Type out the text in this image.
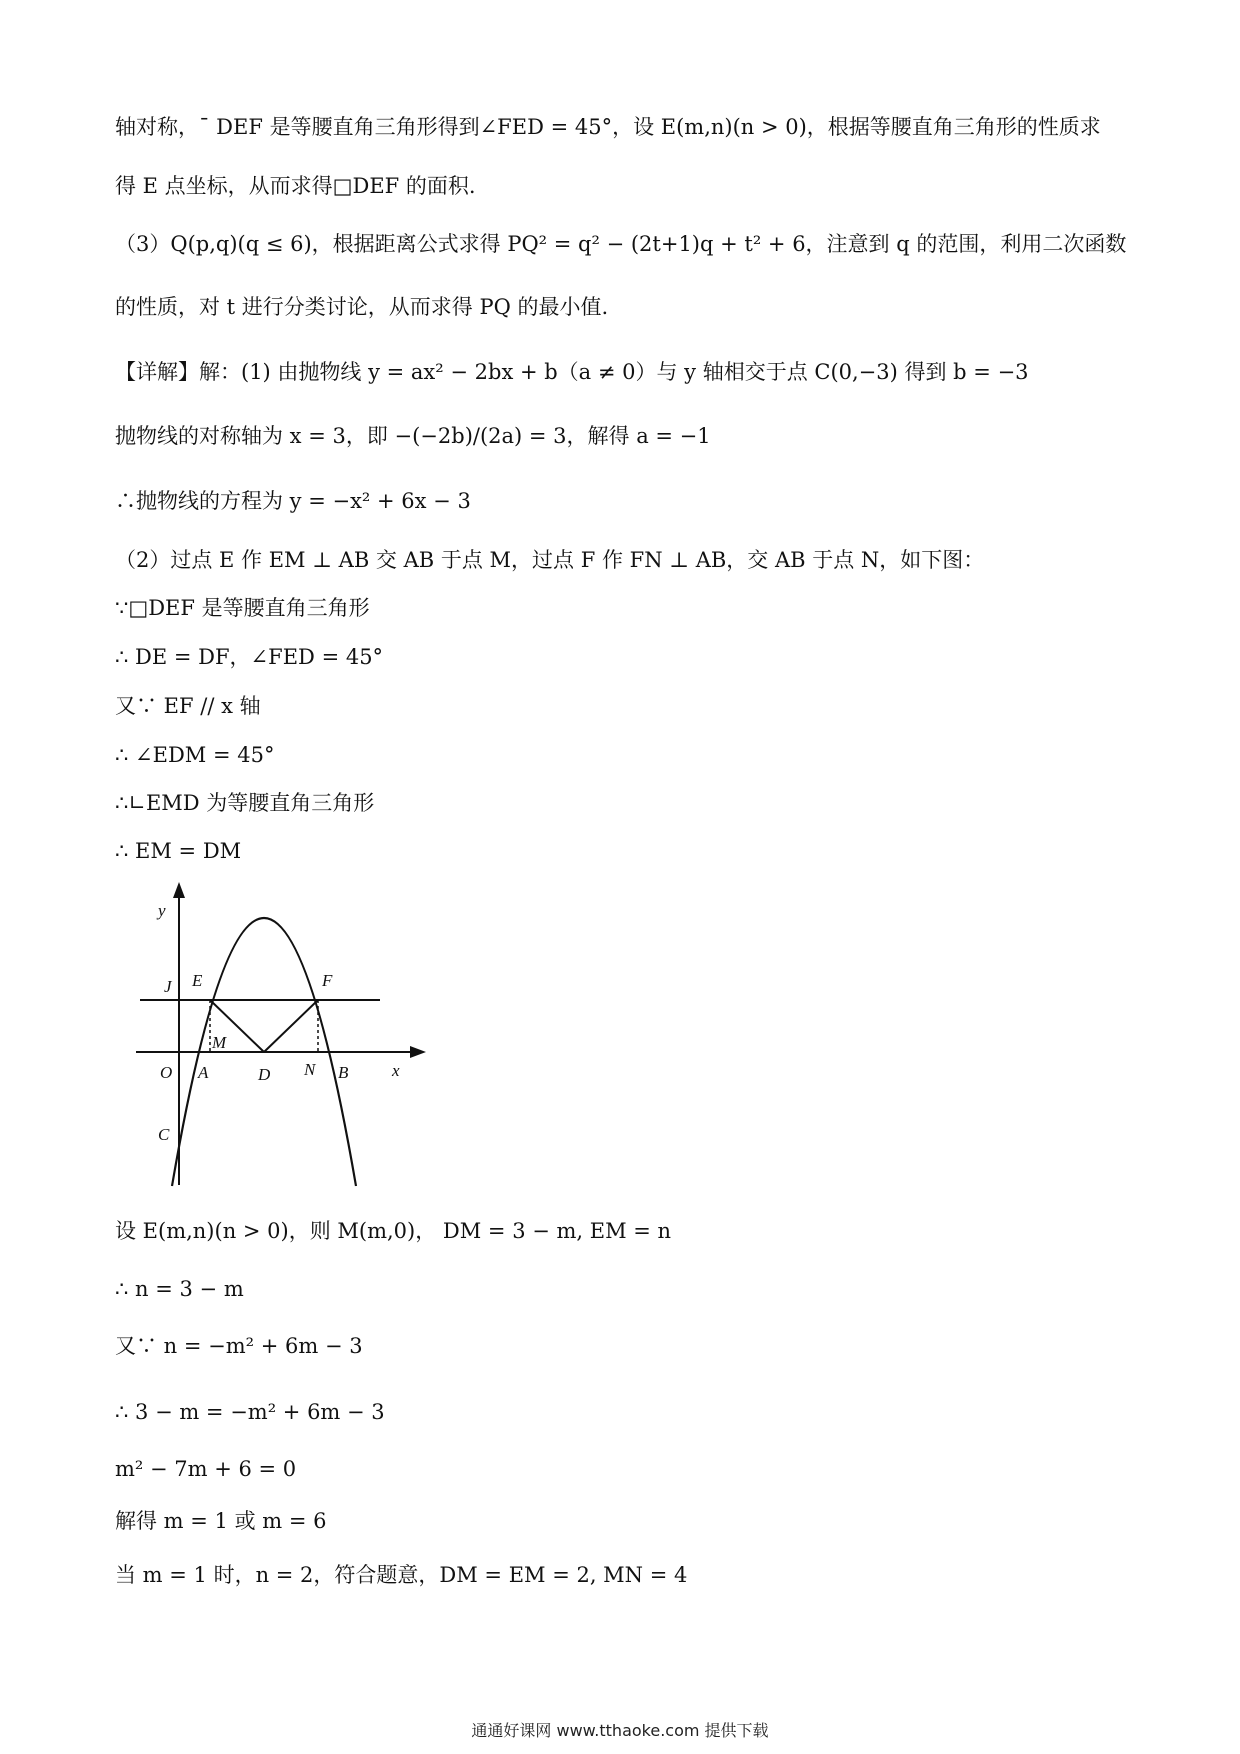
轴对称，¯ DEF 是等腰直角三角形得到∠FED = 45°，设 E(m,n)(n > 0)，根据等腰直角三角形的性质求
得 E 点坐标，从而求得□DEF 的面积.
（3）Q(p,q)(q ≤ 6)，根据距离公式求得 PQ² = q² − (2t+1)q + t² + 6，注意到 q 的范围，利用二次函数
的性质，对 t 进行分类讨论，从而求得 PQ 的最小值.
【详解】解：(1) 由抛物线 y = ax² − 2bx + b（a ≠ 0）与 y 轴相交于点 C(0,−3) 得到 b = −3
抛物线的对称轴为 x = 3，即 −(−2b)/(2a) = 3，解得 a = −1
∴抛物线的方程为 y = −x² + 6x − 3
（2）过点 E 作 EM ⊥ AB 交 AB 于点 M，过点 F 作 FN ⊥ AB，交 AB 于点 N，如下图：
∵□DEF 是等腰直角三角形
∴ DE = DF，∠FED = 45°
又∵ EF // x 轴
∴ ∠EDM = 45°
∴∟EMD 为等腰直角三角形
∴ EM = DM
设 E(m,n)(n > 0)，则 M(m,0)， DM = 3 − m, EM = n
∴ n = 3 − m
又∵ n = −m² + 6m − 3
∴ 3 − m = −m² + 6m − 3
m² − 7m + 6 = 0
解得 m = 1 或 m = 6
当 m = 1 时，n = 2，符合题意，DM = EM = 2, MN = 4
y
x
O A	B
C
D
E	F
J
M
N
通通好课网 www.tthaoke.com 提供下载
